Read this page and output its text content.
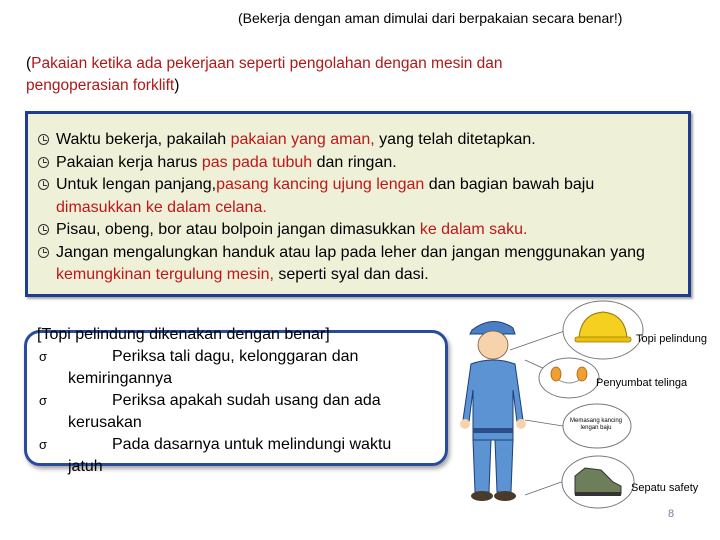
(Bekerja dengan aman dimulai dari berpakaian secara benar!)
(Pakaian ketika ada pekerjaan seperti pengolahan dengan mesin dan pengoperasian forklift)
Waktu bekerja, pakailah pakaian yang aman, yang telah ditetapkan.
Pakaian kerja harus pas pada tubuh dan ringan.
Untuk lengan panjang,pasang kancing ujung lengan dan bagian bawah baju dimasukkan ke dalam celana.
Pisau, obeng, bor atau bolpoin jangan dimasukkan ke dalam saku.
Jangan mengalungkan handuk atau lap pada leher dan jangan menggunakan yang kemungkinan tergulung mesin, seperti syal dan dasi.
[Topi pelindung dikenakan dengan benar]
σ	Periksa tali dagu, kelonggaran dan
kemiringannya
σ	Periksa apakah sudah usang dan ada
kerusakan
σ	Pada dasarnya untuk melindungi waktu
jatuh
Topi pelindung
Penyumbat telinga
Memasang kancing lengan baju
Sepatu safety
8
